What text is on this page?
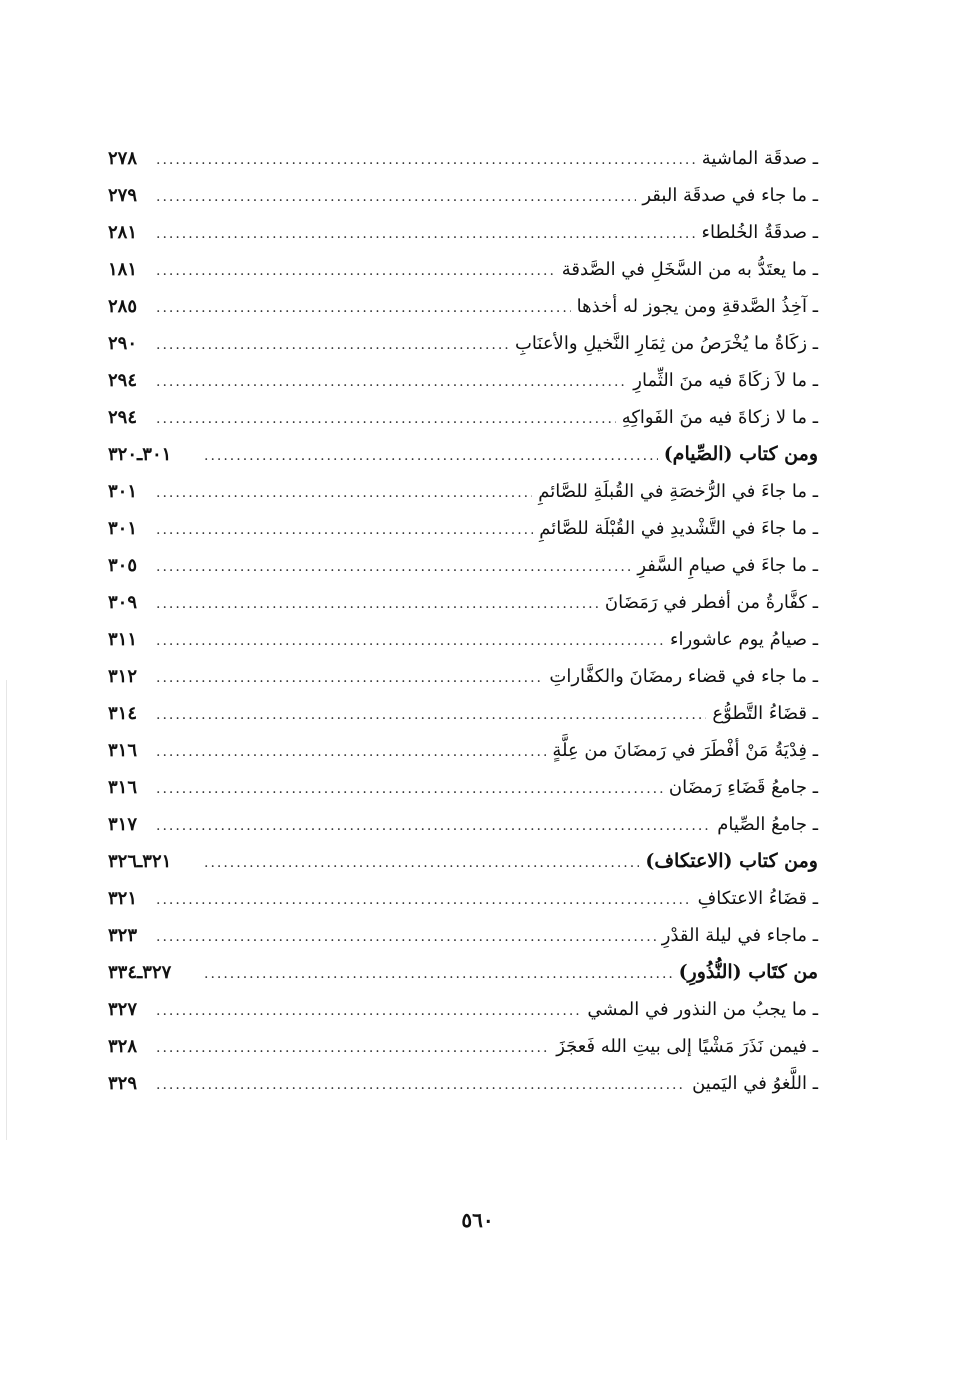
ـ صدقَة الماشية
.....
٢٧٨
ـ ما جاء في صدقَة البقر
.....
٢٧٩
ـ صدقَةُ الخُلطاء
.....
٢٨١
ـ ما يعتَدُّ به من السَّخَلِ في الصَّدقة
.....
١٨١
ـ آخِذُ الصَّدقةِ ومن يجوز له أخذها
.....
٢٨٥
ـ زكَاةُ ما يُخْرَصُ من ثِمَارِ النَّخيلِ والأعنَابِ
.....
٢٩٠
ـ ما لاَ زكَاةَ فيه منَ الثِّمارِ
.....
٢٩٤
ـ ما لا زكاةَ فيه منَ الفَواكِهِ
.....
٢٩٤
ومن كتاب (الصِّيام)
.....
٣٠١ـ٣٢٠
ـ ما جاءَ في الرُّخصَةِ في القُبلَةِ للصَّائمِ
.....
٣٠١
ـ ما جاءَ في التَّشْديدِ في القُبْلَة للصَّائمِ
.....
٣٠١
ـ ما جاءَ في صيامِ السَّفرِ
.....
٣٠٥
ـ كفَّارةُ من أفطر في رَمَضَانَ
.....
٣٠٩
ـ صيامُ يوم عاشوراء
.....
٣١١
ـ ما جاء في قضاء رمضَانَ والكفَّاراتِ
.....
٣١٢
ـ قضَاءُ التَّطوُّع
.....
٣١٤
ـ فِدْيَةُ مَنْ أفْطَرَ في رَمضَانَ من عِلَّةٍ
.....
٣١٦
ـ جامعُ قَضَاءِ رَمضَان
.....
٣١٦
ـ جامعُ الصِّيام
.....
٣١٧
ومن كتاب (الاعتكاف)
.....
٣٢١ـ٣٢٦
ـ قضَاءُ الاعتكافِ
.....
٣٢١
ـ ماجاء في ليلة القدْرِ
.....
٣٢٣
من كتَاب (النُّذُورِ)
.....
٣٢٧ـ٣٣٤
ـ ما يجبُ من النذور في المشي
.....
٣٢٧
ـ فيمن نَذَرَ مَشْيًا إلى بيتِ الله فَعجَزَ
.....
٣٢٨
ـ اللَّغوُ في اليَمين
.....
٣٢٩
٥٦٠
